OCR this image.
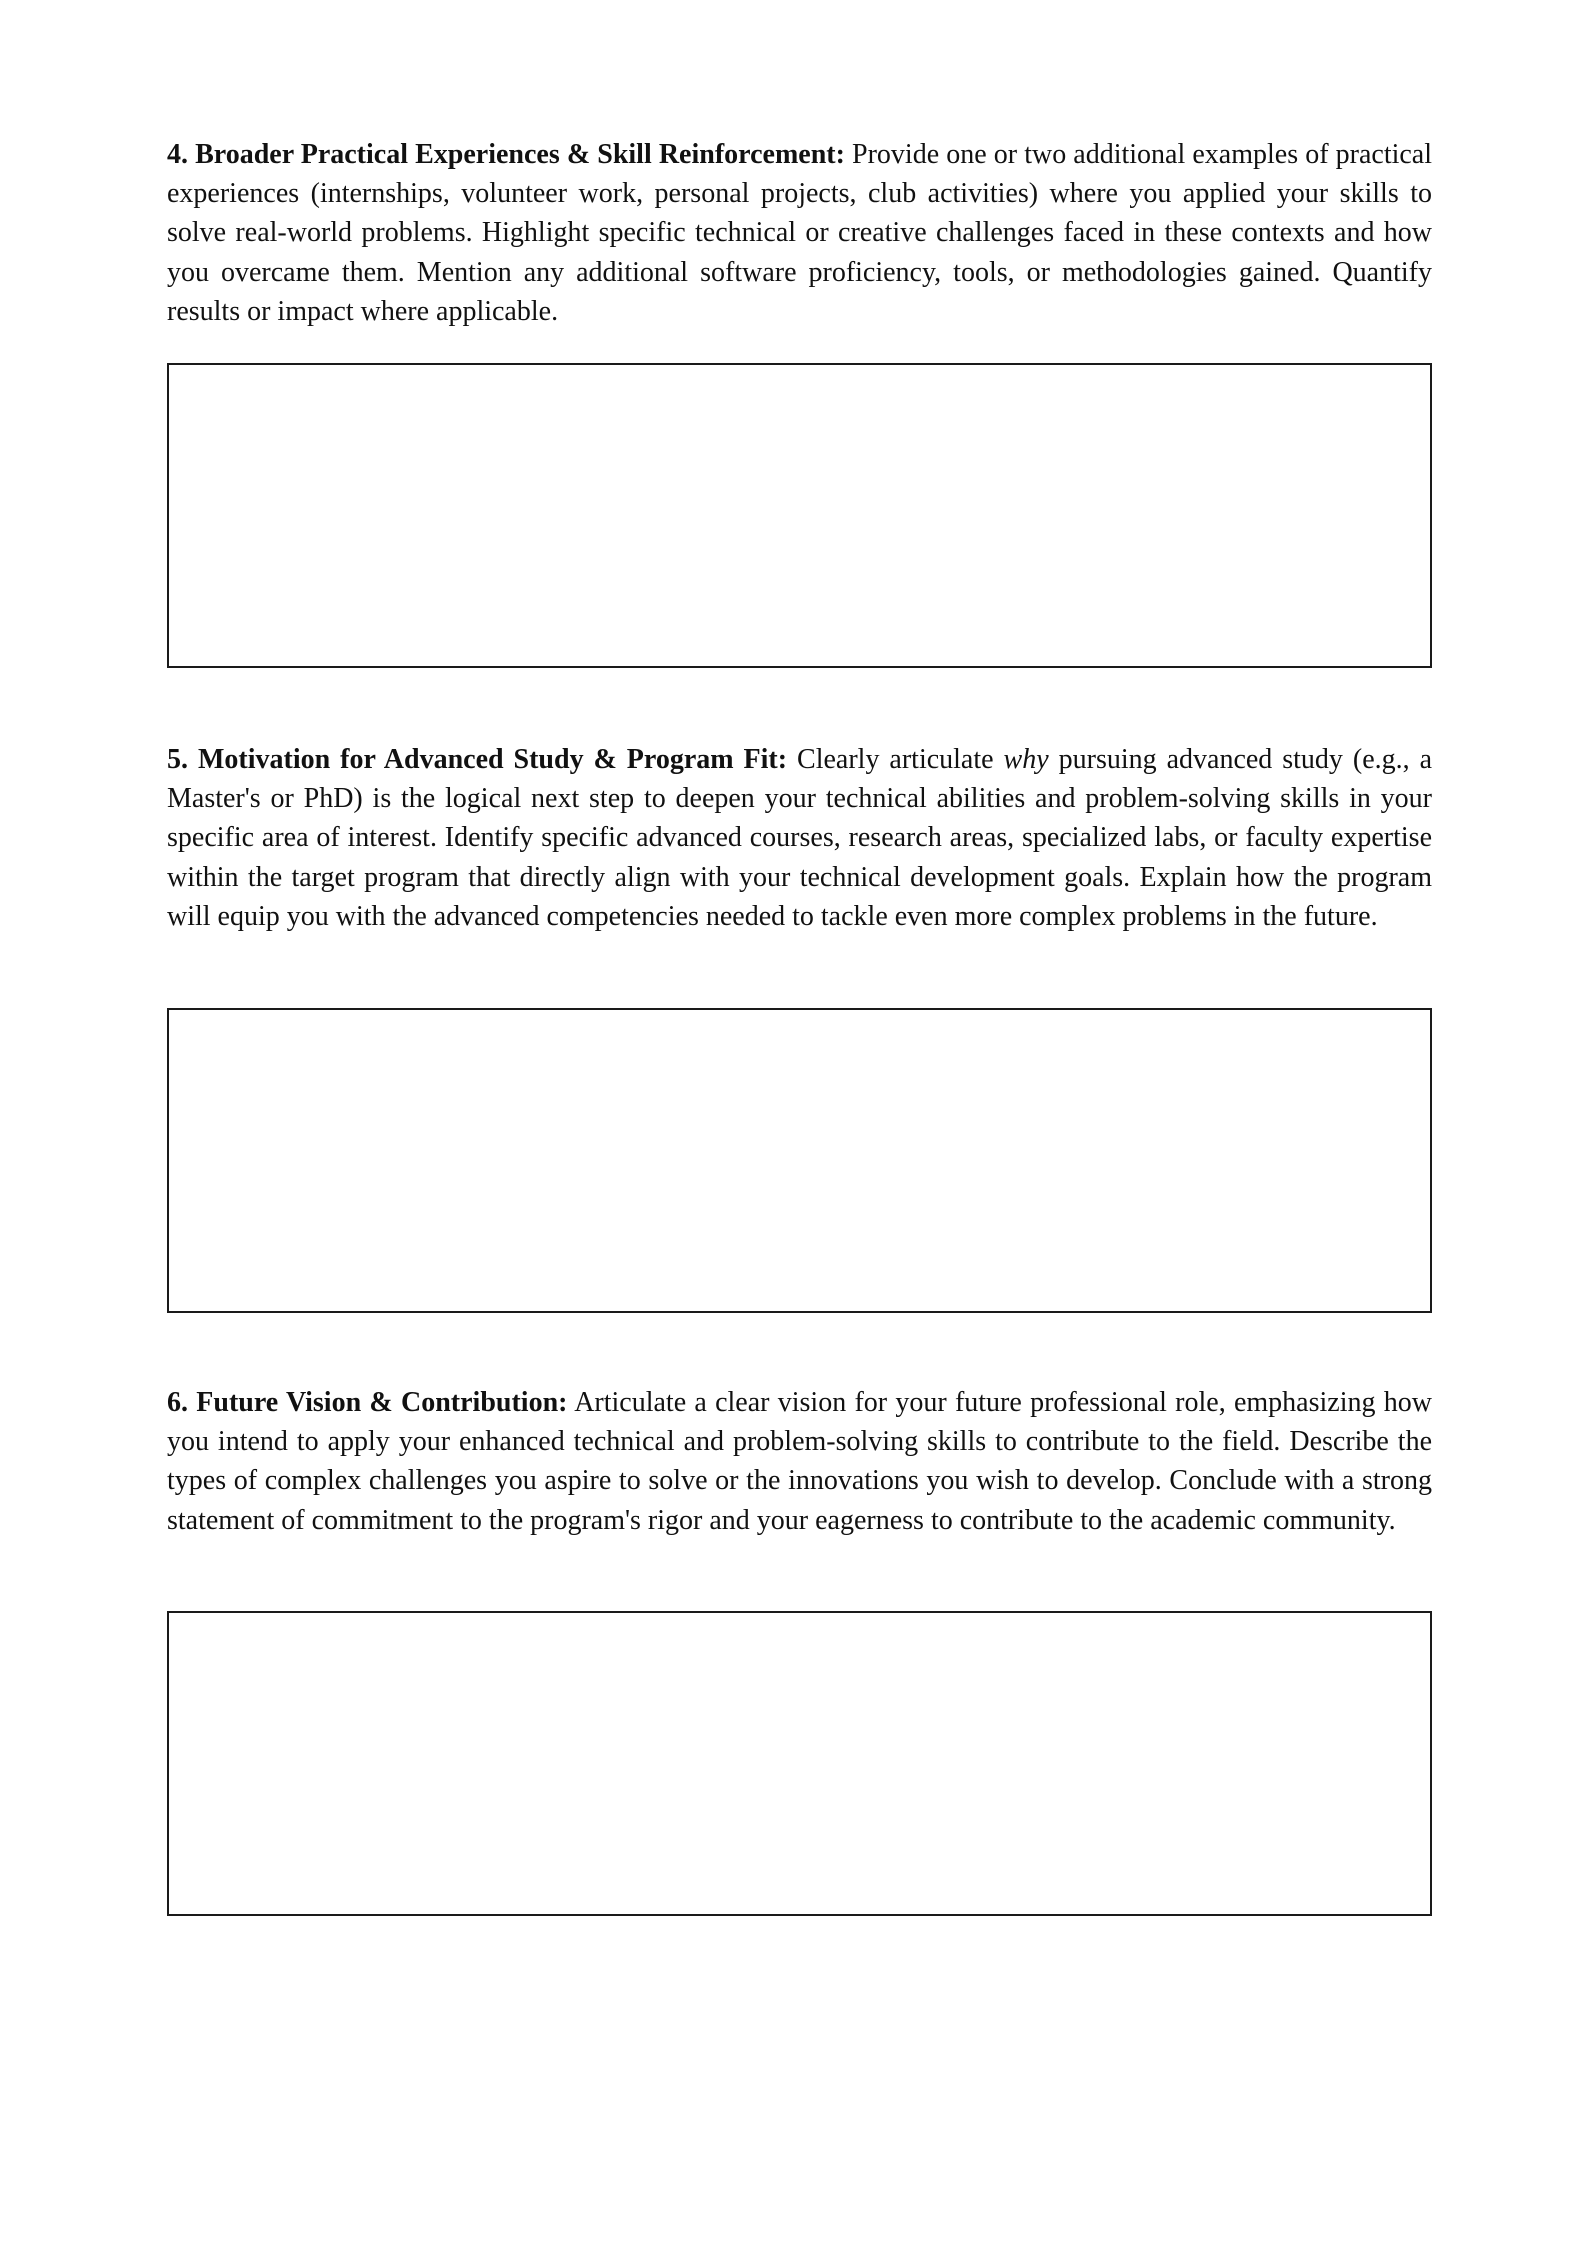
4. Broader Practical Experiences & Skill Reinforcement: Provide one or two additional examples of practical experiences (internships, volunteer work, personal projects, club activities) where you applied your skills to solve real-world problems. Highlight specific technical or creative challenges faced in these contexts and how you overcame them. Mention any additional software proficiency, tools, or methodologies gained. Quantify results or impact where applicable.

5. Motivation for Advanced Study & Program Fit: Clearly articulate why pursuing advanced study (e.g., a Master's or PhD) is the logical next step to deepen your technical abilities and problem-solving skills in your specific area of interest. Identify specific advanced courses, research areas, specialized labs, or faculty expertise within the target program that directly align with your technical development goals. Explain how the program will equip you with the advanced competencies needed to tackle even more complex problems in the future.

6. Future Vision & Contribution: Articulate a clear vision for your future professional role, emphasizing how you intend to apply your enhanced technical and problem-solving skills to contribute to the field. Describe the types of complex challenges you aspire to solve or the innovations you wish to develop. Conclude with a strong statement of commitment to the program's rigor and your eagerness to contribute to the academic community.
